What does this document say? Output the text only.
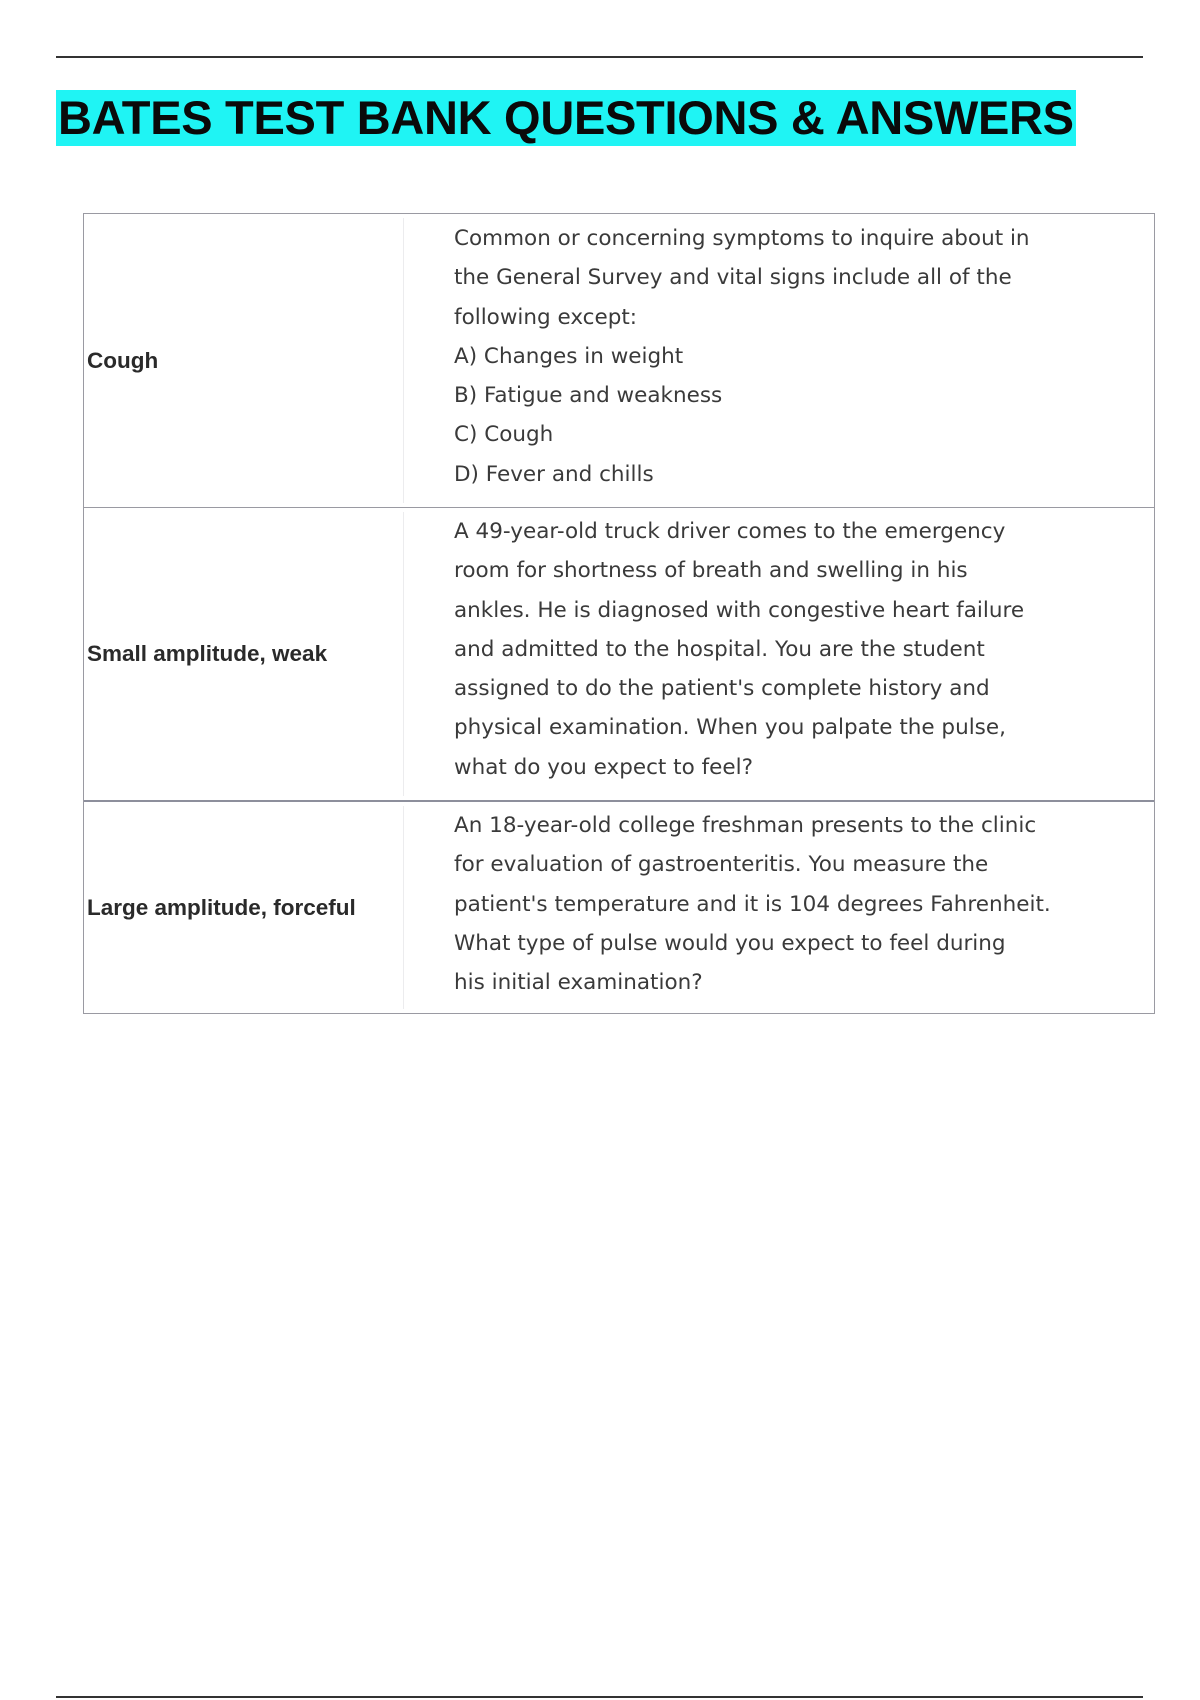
BATES TEST BANK QUESTIONS & ANSWERS
Cough

Common or concerning symptoms to inquire about in
the General Survey and vital signs include all of the
following except:
A) Changes in weight
B) Fatigue and weakness
C) Cough
D) Fever and chills

Small amplitude, weak

A 49-year-old truck driver comes to the emergency
room for shortness of breath and swelling in his
ankles. He is diagnosed with congestive heart failure
and admitted to the hospital. You are the student
assigned to do the patient's complete history and
physical examination. When you palpate the pulse,
what do you expect to feel?

Large amplitude, forceful

An 18-year-old college freshman presents to the clinic
for evaluation of gastroenteritis. You measure the
patient's temperature and it is 104 degrees Fahrenheit.
What type of pulse would you expect to feel during
his initial examination?
